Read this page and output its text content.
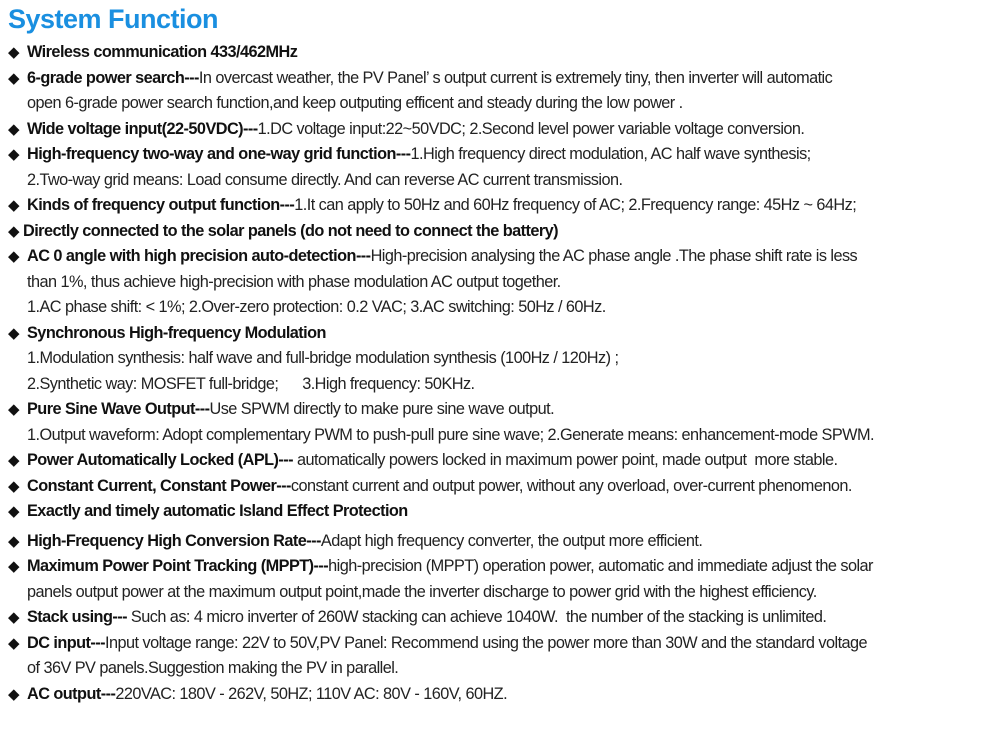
System Function
◆ Wireless communication 433/462MHz
◆ 6-grade power search---In overcast weather, the PV Panel’ s output current is extremely tiny, then inverter will automatic
open 6-grade power search function,and keep outputing efficent and steady during the low power .
◆ Wide voltage input(22-50VDC)---1.DC voltage input:22~50VDC; 2.Second level power variable voltage conversion.
◆ High-frequency two-way and one-way grid function---1.High frequency direct modulation, AC half wave synthesis;
2.Two-way grid means: Load consume directly. And can reverse AC current transmission.
◆ Kinds of frequency output function---1.It can apply to 50Hz and 60Hz frequency of AC; 2.Frequency range: 45Hz ~ 64Hz;
◆ Directly connected to the solar panels (do not need to connect the battery)
◆ AC 0 angle with high precision auto-detection---High-precision analysing the AC phase angle .The phase shift rate is less
than 1%, thus achieve high-precision with phase modulation AC output together.
1.AC phase shift: < 1%; 2.Over-zero protection: 0.2 VAC; 3.AC switching: 50Hz / 60Hz.
◆ Synchronous High-frequency Modulation
1.Modulation synthesis: half wave and full-bridge modulation synthesis (100Hz / 120Hz) ;
2.Synthetic way: MOSFET full-bridge;      3.High frequency: 50KHz.
◆ Pure Sine Wave Output---Use SPWM directly to make pure sine wave output.
1.Output waveform: Adopt complementary PWM to push-pull pure sine wave; 2.Generate means: enhancement-mode SPWM.
◆ Power Automatically Locked (APL)--- automatically powers locked in maximum power point, made output  more stable.
◆ Constant Current, Constant Power---constant current and output power, without any overload, over-current phenomenon.
◆ Exactly and timely automatic Island Effect Protection
◆ High-Frequency High Conversion Rate---Adapt high frequency converter, the output more efficient.
◆ Maximum Power Point Tracking (MPPT)---high-precision (MPPT) operation power, automatic and immediate adjust the solar
panels output power at the maximum output point,made the inverter discharge to power grid with the highest efficiency.
◆ Stack using--- Such as: 4 micro inverter of 260W stacking can achieve 1040W.  the number of the stacking is unlimited.
◆ DC input---Input voltage range: 22V to 50V,PV Panel: Recommend using the power more than 30W and the standard voltage
of 36V PV panels.Suggestion making the PV in parallel.
◆ AC output---220VAC: 180V - 262V, 50HZ; 110V AC: 80V - 160V, 60HZ.
